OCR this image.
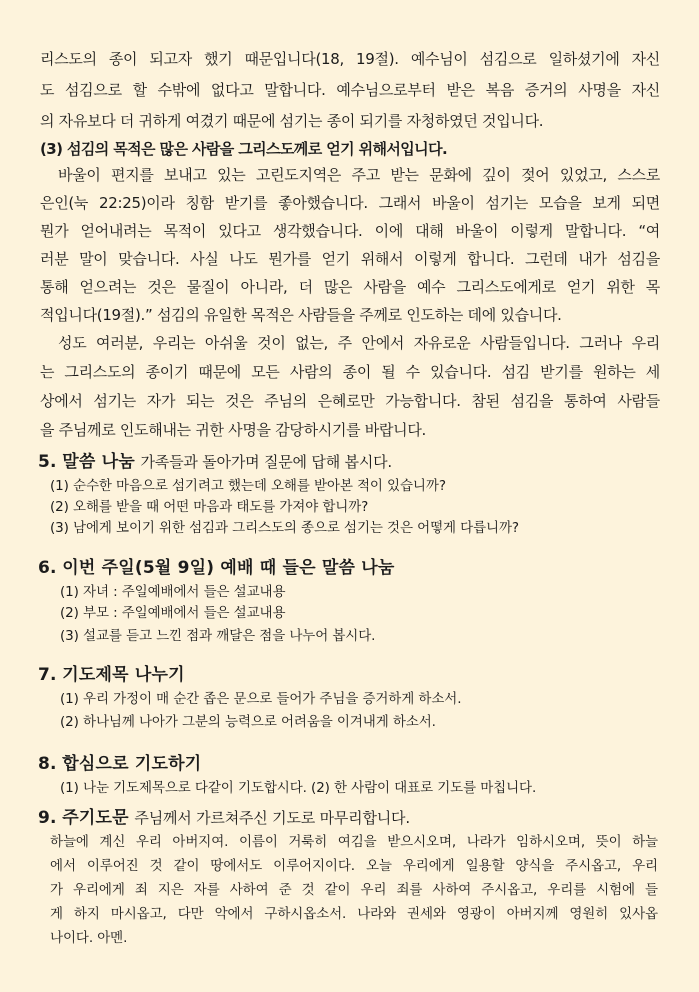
리스도의 종이 되고자 했기 때문입니다(18, 19절). 예수님이 섬김으로 일하셨기에 자신
도 섬김으로 할 수밖에 없다고 말합니다. 예수님으로부터 받은 복음 증거의 사명을 자신
의 자유보다 더 귀하게 여겼기 때문에 섬기는 종이 되기를 자청하였던 것입니다.
(3) 섬김의 목적은 많은 사람을 그리스도께로 얻기 위해서입니다.
바울이 편지를 보내고 있는 고린도지역은 주고 받는 문화에 깊이 젖어 있었고, 스스로
은인(눅 22:25)이라 칭함 받기를 좋아했습니다. 그래서 바울이 섬기는 모습을 보게 되면
뭔가 얻어내려는 목적이 있다고 생각했습니다. 이에 대해 바울이 이렇게 말합니다. “여
러분 말이 맞습니다. 사실 나도 뭔가를 얻기 위해서 이렇게 합니다. 그런데 내가 섬김을
통해 얻으려는 것은 물질이 아니라, 더 많은 사람을 예수 그리스도에게로 얻기 위한 목
적입니다(19절).” 섬김의 유일한 목적은 사람들을 주께로 인도하는 데에 있습니다.
성도 여러분, 우리는 아쉬울 것이 없는, 주 안에서 자유로운 사람들입니다. 그러나 우리
는 그리스도의 종이기 때문에 모든 사람의 종이 될 수 있습니다. 섬김 받기를 원하는 세
상에서 섬기는 자가 되는 것은 주님의 은혜로만 가능합니다. 참된 섬김을 통하여 사람들
을 주님께로 인도해내는 귀한 사명을 감당하시기를 바랍니다.
5. 말씀 나눔 가족들과 돌아가며 질문에 답해 봅시다.
(1) 순수한 마음으로 섬기려고 했는데 오해를 받아본 적이 있습니까?
(2) 오해를 받을 때 어떤 마음과 태도를 가져야 합니까?
(3) 남에게 보이기 위한 섬김과 그리스도의 종으로 섬기는 것은 어떻게 다릅니까?
6. 이번 주일(5월 9일) 예배 때 들은 말씀 나눔
(1) 자녀 : 주일예배에서 들은 설교내용
(2) 부모 : 주일예배에서 들은 설교내용
(3) 설교를 듣고 느낀 점과 깨달은 점을 나누어 봅시다.
7. 기도제목 나누기
(1) 우리 가정이 매 순간 좁은 문으로 들어가 주님을 증거하게 하소서.
(2) 하나님께 나아가 그분의 능력으로 어려움을 이겨내게 하소서.
8. 합심으로 기도하기
(1) 나눈 기도제목으로 다같이 기도합시다. (2) 한 사람이 대표로 기도를 마칩니다.
9. 주기도문 주님께서 가르쳐주신 기도로 마무리합니다.
하늘에 계신 우리 아버지여. 이름이 거룩히 여김을 받으시오며, 나라가 임하시오며, 뜻이 하늘
에서 이루어진 것 같이 땅에서도 이루어지이다. 오늘 우리에게 일용할 양식을 주시옵고, 우리
가 우리에게 죄 지은 자를 사하여 준 것 같이 우리 죄를 사하여 주시옵고, 우리를 시험에 들
게 하지 마시옵고, 다만 악에서 구하시옵소서. 나라와 권세와 영광이 아버지께 영원히 있사옵
나이다. 아멘.
